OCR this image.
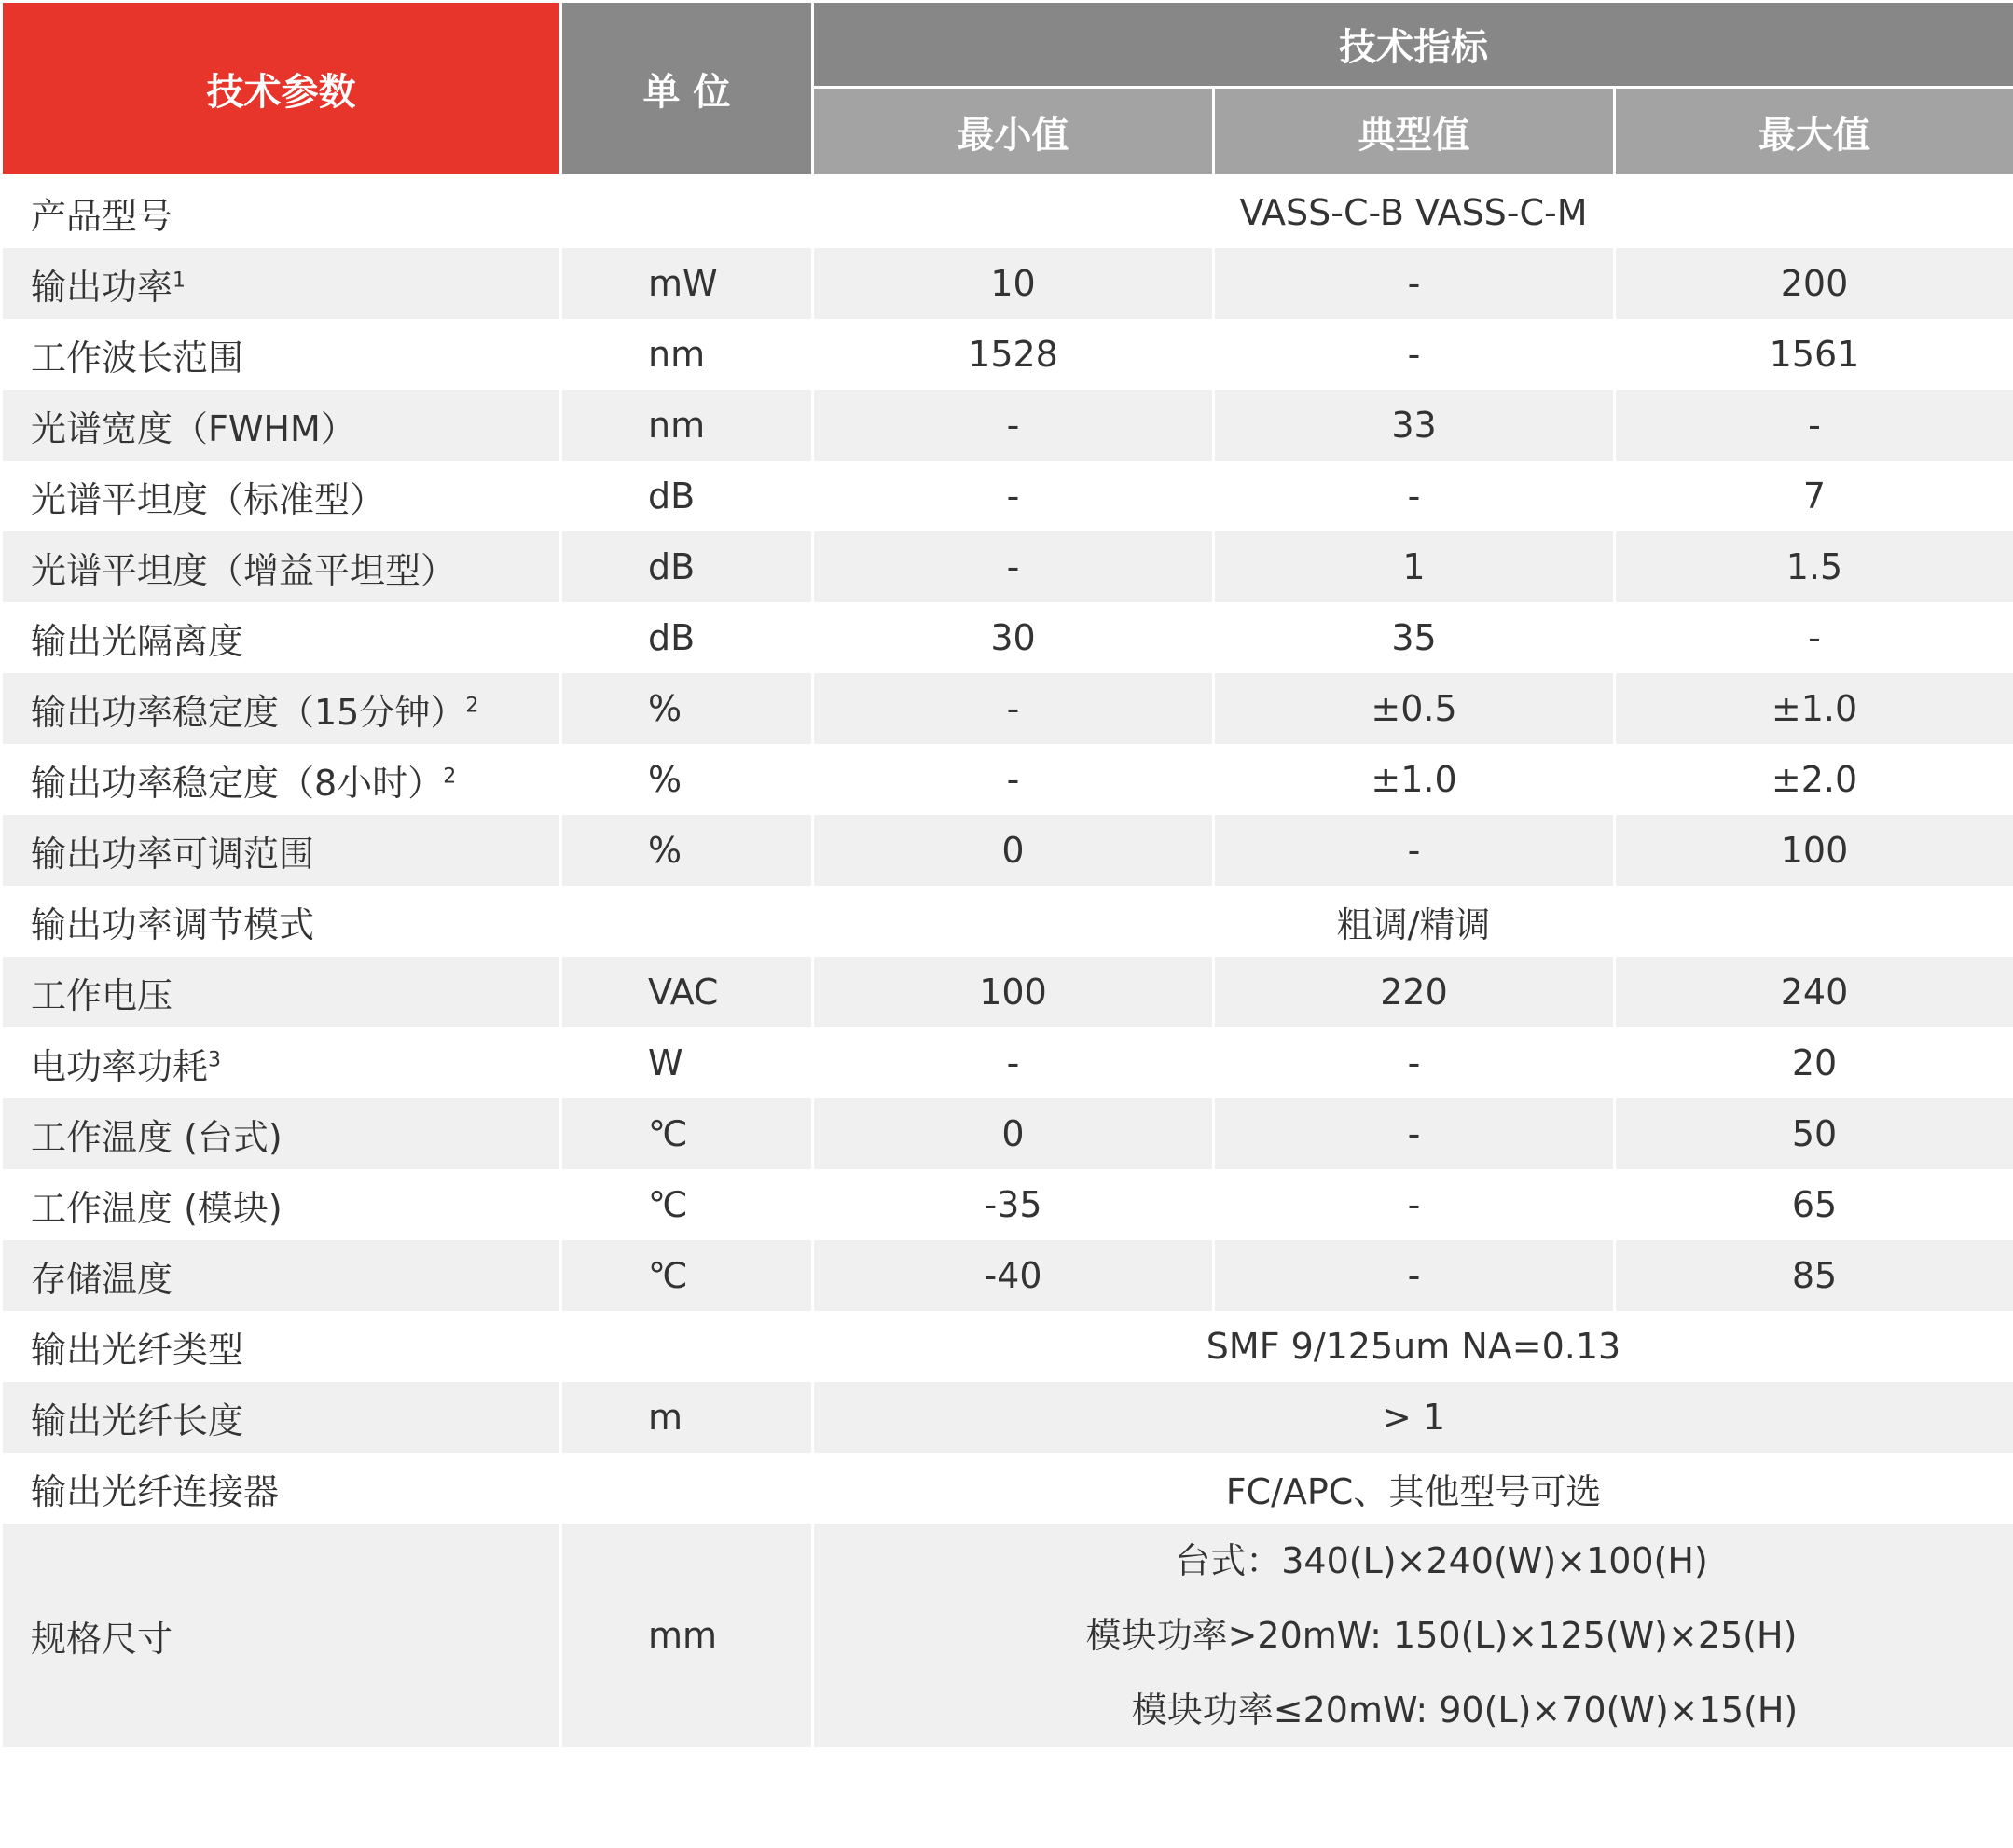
技术参数	单 位	技术指标		
		最小值	典型值	最大值
产品型号		VASS-C-B VASS-C-M		
输出功率$^1$	mW	10	-	200
工作波长范围	nm	1528	-	1561
光谱宽度（FWHM）	nm	-	33	-
光谱平坦度（标准型）	dB	-	-	7
光谱平坦度（增益平坦型）	dB	-	1	1.5
输出光隔离度	dB	30	35	-
输出功率稳定度（15分钟）$^2$	%	-	±0.5	±1.0
输出功率稳定度（8小时）$^2$	%	-	±1.0	±2.0
输出功率可调范围	%	0	-	100
输出功率调节模式		粗调/精调		
工作电压	VAC	100	220	240
电功率功耗$^3$	W	-	-	20
工作温度 (台式)	℃	0	-	50
工作温度 (模块)	℃	-35	-	65
存储温度	℃	-40	-	85
输出光纤类型		SMF 9/125um NA=0.13		
输出光纤长度	m	> 1		
输出光纤连接器		FC/APC、其他型号可选		
规格尺寸	mm	台式：340(L)×240(W)×100(H)
模块功率>20mW: 150(L)×125(W)×25(H)
模块功率≤20mW: 90(L)×70(W)×15(H)		
